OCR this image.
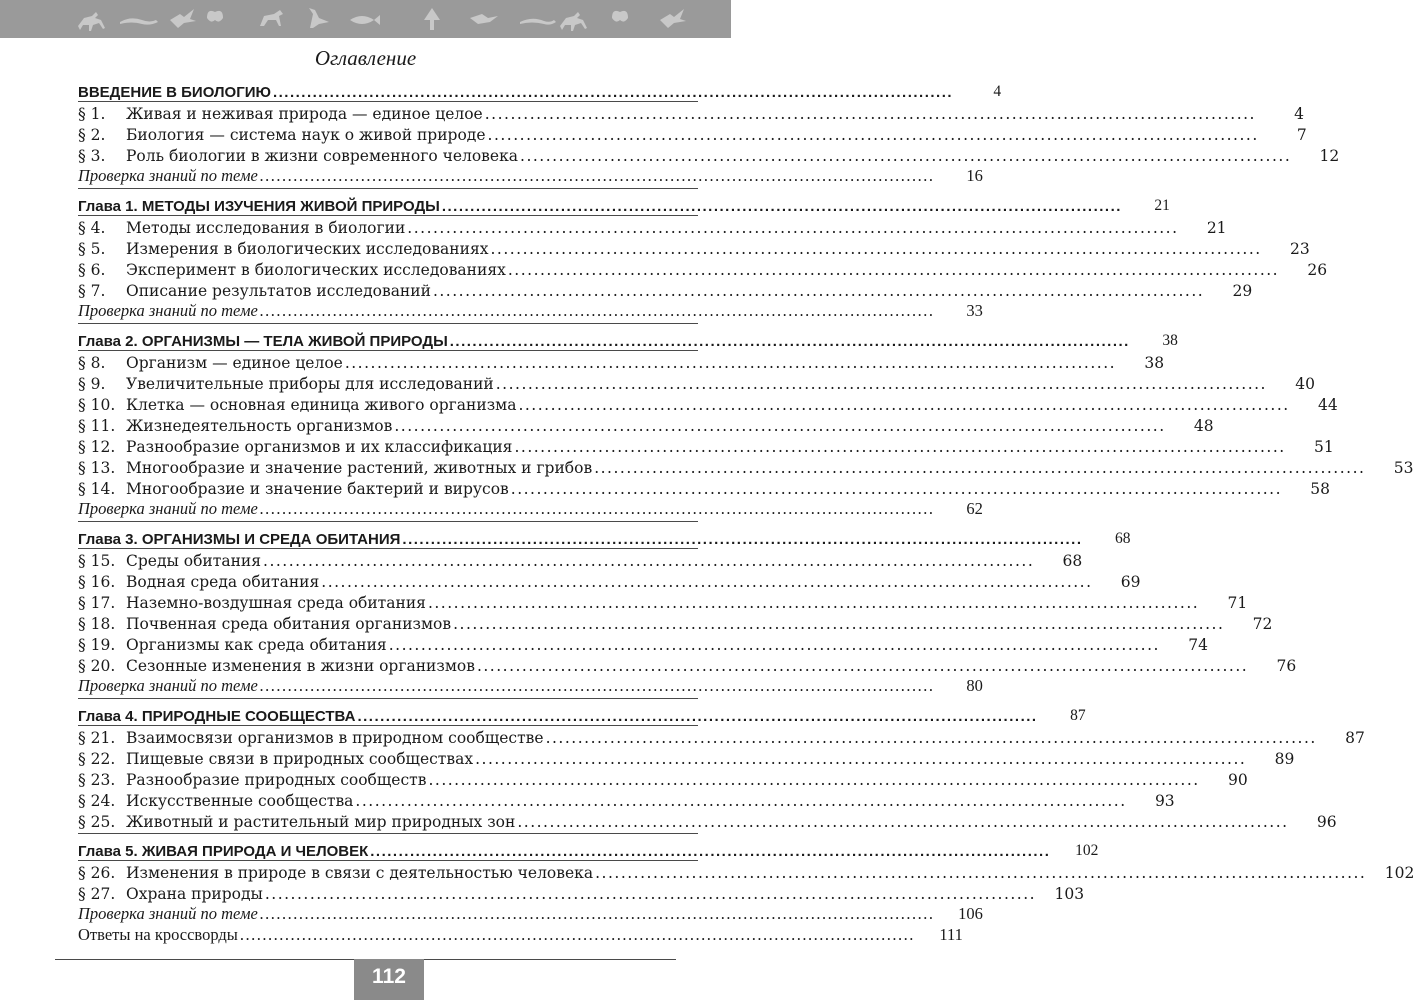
Оглавление
ВВЕДЕНИЕ В БИОЛОГИЮ ........................................................................................................................	4
§ 1.	Живая и неживая природа — единое целое ........................................................................................................................	4
§ 2.	Биология — система наук о живой природе ........................................................................................................................	7
§ 3.	Роль биологии в жизни современного человека ........................................................................................................................	12
Проверка знаний по теме ........................................................................................................................	16
Глава 1. МЕТОДЫ ИЗУЧЕНИЯ ЖИВОЙ ПРИРОДЫ ........................................................................................................................	21
§ 4.	Методы исследования в биологии ........................................................................................................................	21
§ 5.	Измерения в биологических исследованиях ........................................................................................................................	23
§ 6.	Эксперимент в биологических исследованиях ........................................................................................................................	26
§ 7.	Описание результатов исследований ........................................................................................................................	29
Проверка знаний по теме ........................................................................................................................	33
Глава 2. ОРГАНИЗМЫ — ТЕЛА ЖИВОЙ ПРИРОДЫ ........................................................................................................................	38
§ 8.	Организм — единое целое ........................................................................................................................	38
§ 9.	Увеличительные приборы для исследований ........................................................................................................................	40
§ 10. Клетка — основная единица живого организма ........................................................................................................................	44
§ 11. Жизнедеятельность организмов ........................................................................................................................	48
§ 12. Разнообразие организмов и их классификация ........................................................................................................................	51
§ 13. Многообразие и значение растений, животных и грибов ........................................................................................................................	53
§ 14. Многообразие и значение бактерий и вирусов ........................................................................................................................	58
Проверка знаний по теме ........................................................................................................................	62
Глава 3. ОРГАНИЗМЫ И СРЕДА ОБИТАНИЯ ........................................................................................................................	68
§ 15. Среды обитания ........................................................................................................................	68
§ 16. Водная среда обитания ........................................................................................................................	69
§ 17. Наземно-воздушная среда обитания ........................................................................................................................	71
§ 18. Почвенная среда обитания организмов ........................................................................................................................	72
§ 19. Организмы как среда обитания ........................................................................................................................	74
§ 20. Сезонные изменения в жизни организмов ........................................................................................................................	76
Проверка знаний по теме ........................................................................................................................	80
Глава 4. ПРИРОДНЫЕ СООБЩЕСТВА ........................................................................................................................	87
§ 21. Взаимосвязи организмов в природном сообществе ........................................................................................................................	87
§ 22. Пищевые связи в природных сообществах ........................................................................................................................	89
§ 23. Разнообразие природных сообществ ........................................................................................................................	90
§ 24. Искусственные сообщества ........................................................................................................................	93
§ 25. Животный и растительный мир природных зон ........................................................................................................................	96
Глава 5. ЖИВАЯ ПРИРОДА И ЧЕЛОВЕК ........................................................................................................................	102
§ 26. Изменения в природе в связи с деятельностью человека ........................................................................................................................	102
§ 27. Охрана природы ........................................................................................................................	103
Проверка знаний по теме ........................................................................................................................	106
Ответы на кроссворды ........................................................................................................................	111
112
